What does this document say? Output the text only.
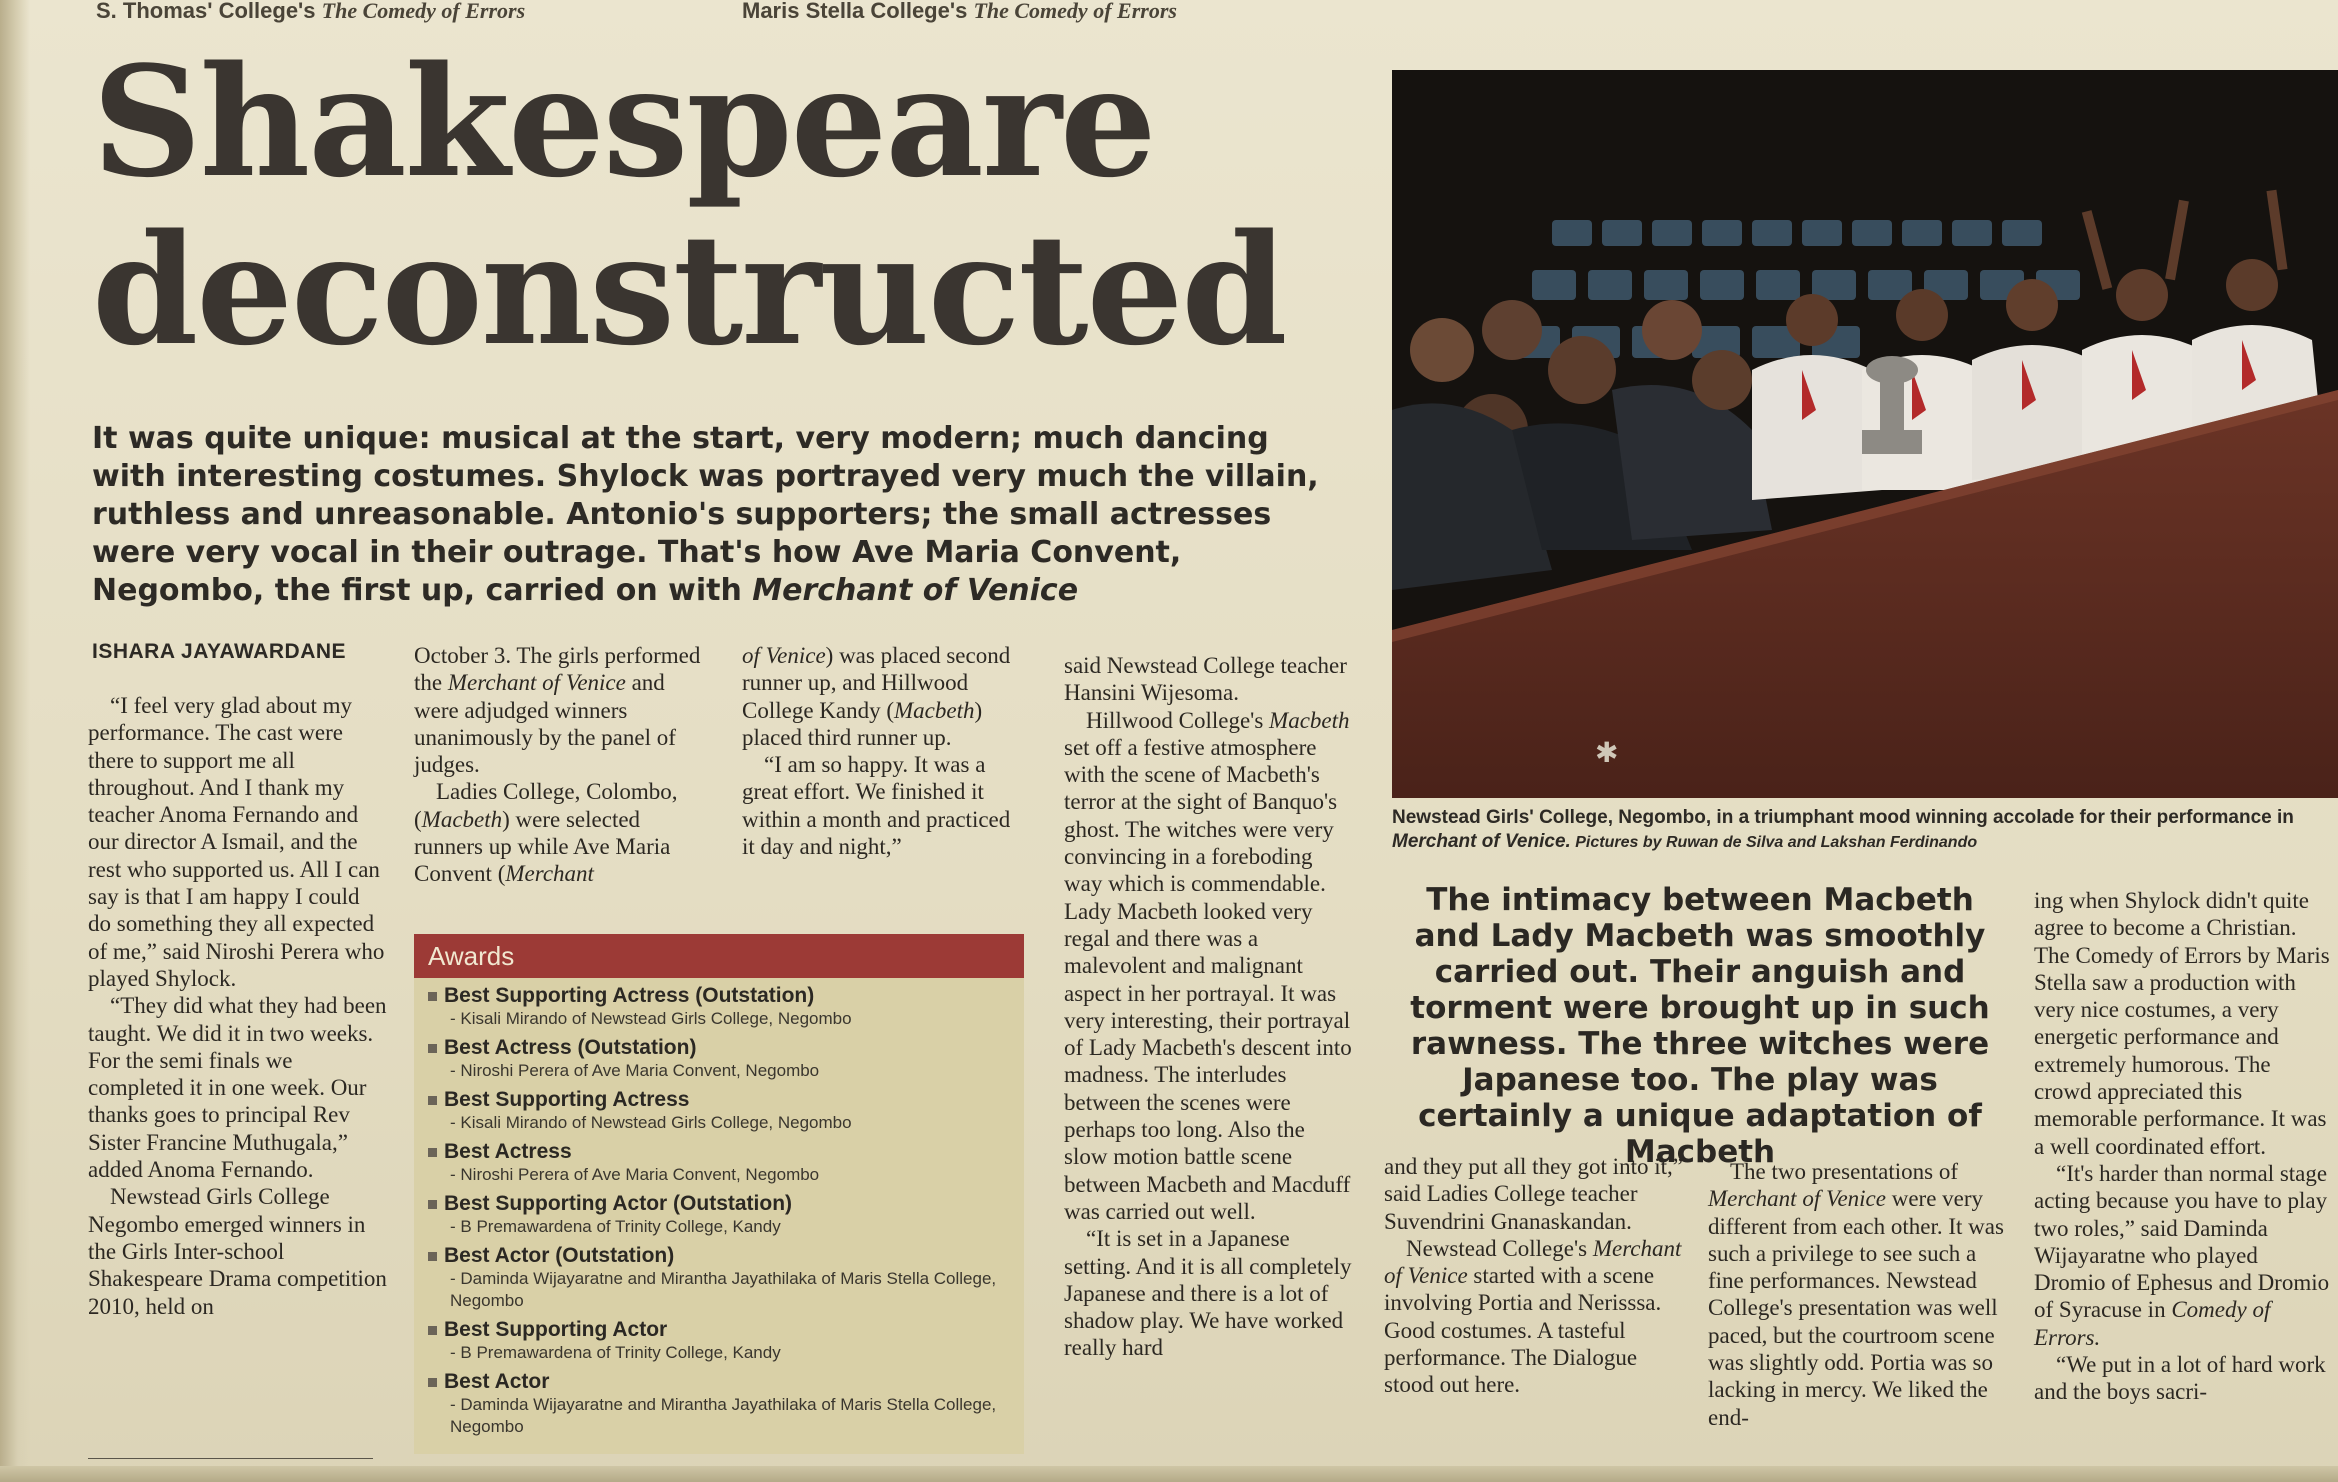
S. Thomas' College's The Comedy of Errors	Maris Stella College's The Comedy of Errors
Shakespeare
deconstructed
It was quite unique: musical at the start, very modern; much dancing with interesting costumes. Shylock was portrayed very much the villain, ruthless and unreasonable. Antonio's supporters; the small actresses were very vocal in their outrage. That's how Ave Maria Convent, Negombo, the first up, carried on with Merchant of Venice
ISHARA JAYAWARDANE

“I feel very glad about my performance. The cast were there to support me all throughout. And I thank my teacher Anoma Fernando and our director A Ismail, and the rest who supported us. All I can say is that I am happy I could do something they all expected of me,” said Niroshi Perera who played Shylock.

“They did what they had been taught. We did it in two weeks. For the semi finals we completed it in one week. Our thanks goes to principal Rev Sister Francine Muthugala,” added Anoma Fernando.

Newstead Girls College Negombo emerged winners in the Girls Inter-school Shakespeare Drama competition 2010, held on

October 3. The girls performed the Merchant of Venice and were adjudged winners unanimously by the panel of judges.

Ladies College, Colombo, (Macbeth) were selected runners up while Ave Maria Convent (Merchant

of Venice) was placed second runner up, and Hillwood College Kandy (Macbeth) placed third runner up.

“I am so happy. It was a great effort. We finished it within a month and practiced it day and night,”

Awards
Best Supporting Actress (Outstation)
- Kisali Mirando of Newstead Girls College, Negombo
Best Actress (Outstation)
- Niroshi Perera of Ave Maria Convent, Negombo
Best Supporting Actress
- Kisali Mirando of Newstead Girls College, Negombo
Best Actress
- Niroshi Perera of Ave Maria Convent, Negombo
Best Supporting Actor (Outstation)
- B Premawardena of Trinity College, Kandy
Best Actor (Outstation)
- Daminda Wijayaratne and Mirantha Jayathilaka of Maris Stella College, Negombo
Best Supporting Actor
- B Premawardena of Trinity College, Kandy
Best Actor
- Daminda Wijayaratne and Mirantha Jayathilaka of Maris Stella College, Negombo

said Newstead College teacher Hansini Wijesoma.

Hillwood College's Macbeth set off a festive atmosphere with the scene of Macbeth's terror at the sight of Banquo's ghost. The witches were very convincing in a foreboding way which is commendable. Lady Macbeth looked very regal and there was a malevolent and malignant aspect in her portrayal. It was very interesting, their portrayal of Lady Macbeth's descent into madness. The interludes between the scenes were perhaps too long. Also the slow motion battle scene between Macbeth and Macduff was carried out well.

“It is set in a Japanese setting. And it is all completely Japanese and there is a lot of shadow play. We have worked really hard

✱
Newstead Girls' College, Negombo, in a triumphant mood winning accolade for their performance in Merchant of Venice. Pictures by Ruwan de Silva and Lakshan Ferdinando
The intimacy between Macbeth and Lady Macbeth was smoothly carried out. Their anguish and torment were brought up in such rawness. The three witches were Japanese too. The play was certainly a unique adaptation of Macbeth

and they put all they got into it,” said Ladies College teacher Suvendrini Gnanaskandan.

Newstead College's Merchant of Venice started with a scene involving Portia and Nerisssa. Good costumes. A tasteful performance. The Dialogue stood out here.

The two presentations of Merchant of Venice were very different from each other. It was such a privilege to see such a fine performances. Newstead College's presentation was well paced, but the courtroom scene was slightly odd. Portia was so lacking in mercy. We liked the end-

ing when Shylock didn't quite agree to become a Christian. The Comedy of Errors by Maris Stella saw a production with very nice costumes, a very energetic performance and extremely humorous. The crowd appreciated this memorable performance. It was a well coordinated effort.

“It's harder than normal stage acting because you have to play two roles,” said Daminda Wijayaratne who played Dromio of Ephesus and Dromio of Syracuse in Comedy of Errors.

“We put in a lot of hard work and the boys sacri-
